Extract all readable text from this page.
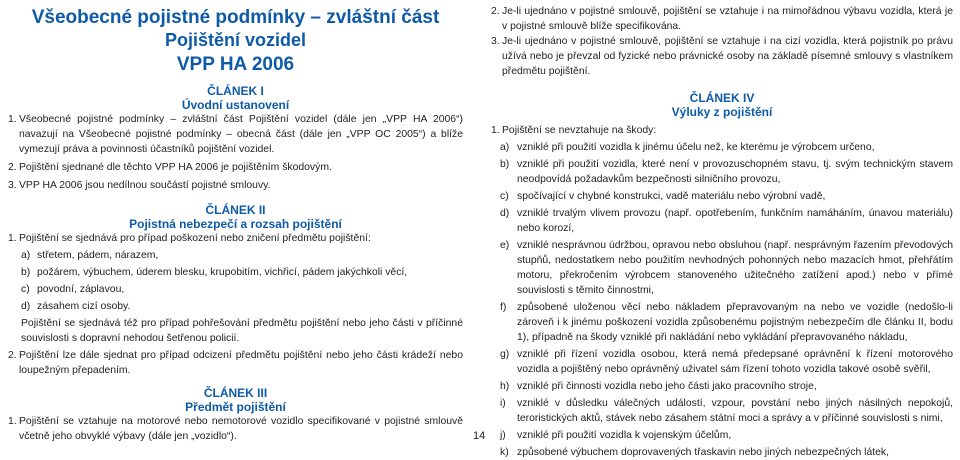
Všeobecné pojistné podmínky – zvláštní část
Pojištění vozidel
VPP HA 2006
ČLÁNEK I
Úvodní ustanovení
1. Všeobecné pojistné podmínky – zvláštní část Pojištění vozidel (dále jen „VPP HA 2006“) navazují na Všeobecné pojistné podmínky – obecná část (dále jen „VPP OC 2005“) a blíže vymezují práva a povinnosti účastníků pojištění vozidel.
2. Pojištění sjednané dle těchto VPP HA 2006 je pojištěním škodovým.
3. VPP HA 2006 jsou nedílnou součástí pojistné smlouvy.
ČLÁNEK II
Pojistná nebezpečí a rozsah pojištění
1. Pojištění se sjednává pro případ poškození nebo zničení předmětu pojištění:
a) střetem, pádem, nárazem,
b) požárem, výbuchem, úderem blesku, krupobitím, vichřicí, pádem jakýchkoli věcí,
c) povodní, záplavou,
d) zásahem cizí osoby.
Pojištění se sjednává též pro případ pohřešování předmětu pojištění nebo jeho části v příčinné souvislosti s dopravní nehodou šetřenou policií.
2. Pojištění lze dále sjednat pro případ odcizení předmětu pojištění nebo jeho části krádeží nebo loupežným přepadením.
ČLÁNEK III
Předmět pojištění
1. Pojištění se vztahuje na motorové nebo nemotorové vozidlo specifikované v pojistné smlouvě včetně jeho obvyklé výbavy (dále jen „vozidlo“).	14
2. Je-li ujednáno v pojistné smlouvě, pojištění se vztahuje i na mimořádnou výbavu vozidla, která je v pojistné smlouvě blíže specifikována.
3. Je-li ujednáno v pojistné smlouvě, pojištění se vztahuje i na cizí vozidla, která pojistník po právu užívá nebo je převzal od fyzické nebo právnické osoby na základě písemné smlouvy s vlastníkem předmětu pojištění.
ČLÁNEK IV
Výluky z pojištění
1. Pojištění se nevztahuje na škody:
a) vzniklé při použití vozidla k jinému účelu než, ke kterému je výrobcem určeno,
b) vzniklé při použití vozidla, které není v provozuschopném stavu, tj. svým technickým stavem neodpovídá požadavkům bezpečnosti silničního provozu,
c) spočívající v chybné konstrukci, vadě materiálu nebo výrobní vadě,
d) vzniklé trvalým vlivem provozu (např. opotřebením, funkčním namáháním, únavou materiálu) nebo korozí,
e) vzniklé nesprávnou údržbou, opravou nebo obsluhou (např. nesprávným řazením převodových stupňů, nedostatkem nebo použitím nevhodných pohonných nebo mazacích hmot, přehřátím motoru, překročením výrobcem stanoveného užitečného zatížení apod.) nebo v přímé souvislosti s těmito činnostmi,
f) způsobené uloženou věcí nebo nákladem přepravovaným na nebo ve vozidle (nedošlo-li zároveň i k jinému poškození vozidla způsobenému pojistným nebezpečím dle článku II, bodu 1), případně na škody vzniklé při nakládání nebo vykládání přepravovaného nákladu,
g) vzniklé při řízení vozidla osobou, která nemá předepsané oprávnění k řízení motorového vozidla a pojištěný nebo oprávněný uživatel sám řízení tohoto vozidla takové osobě svěřil,
h) vzniklé při činnosti vozidla nebo jeho části jako pracovního stroje,
i) vzniklé v důsledku válečných událostí, vzpour, povstání nebo jiných násilných nepokojů, teroristických aktů, stávek nebo zásahem státní moci a správy a v příčinné souvislosti s nimi,
j) vzniklé při použití vozidla k vojenským účelům,
k) způsobené výbuchem doprovavených třaskavin nebo jiných nebezpečných látek,
